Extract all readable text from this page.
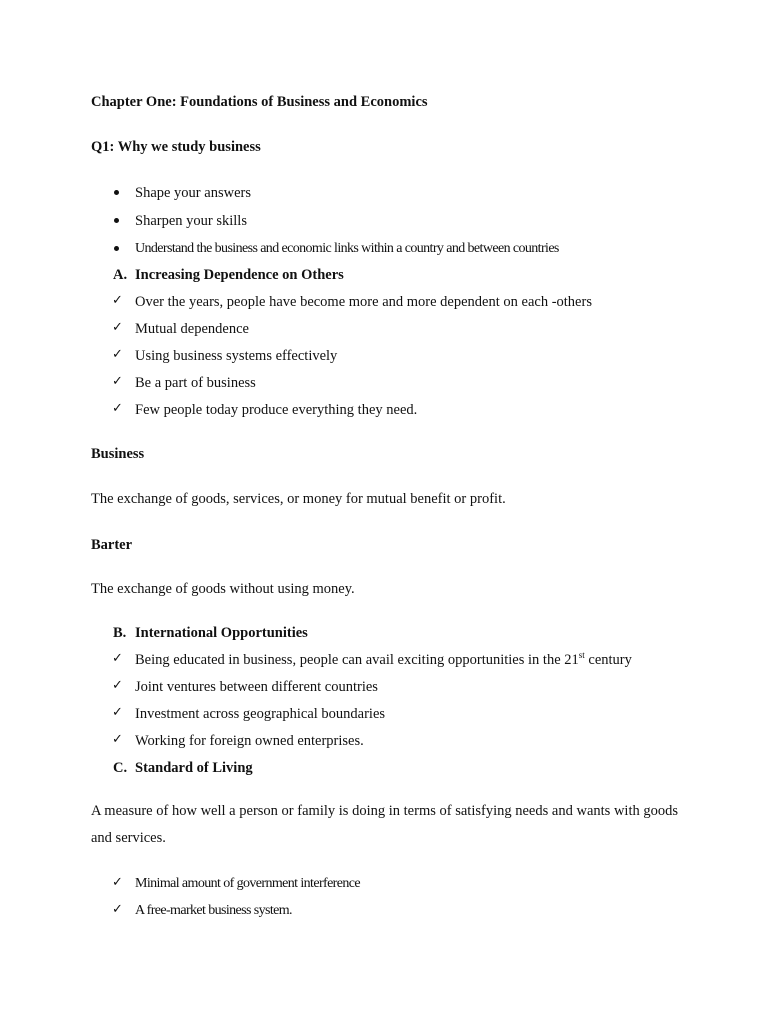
Chapter One: Foundations of Business and Economics
Q1: Why we study business
Shape your answers
Sharpen your skills
Understand the business and economic links within a country and between countries
A. Increasing Dependence on Others
✓ Over the years, people have become more and more dependent on each -others
✓ Mutual dependence
✓ Using business systems effectively
✓ Be a part of business
✓ Few people today produce everything they need.
Business
The exchange of goods, services, or money for mutual benefit or profit.
Barter
The exchange of goods without using money.
B. International Opportunities
✓ Being educated in business, people can avail exciting opportunities in the 21st century
✓ Joint ventures between different countries
✓ Investment across geographical boundaries
✓ Working for foreign owned enterprises.
C. Standard of Living
A measure of how well a person or family is doing in terms of satisfying needs and wants with goods and services.
✓ Minimal amount of government interference
✓ A free-market business system.
